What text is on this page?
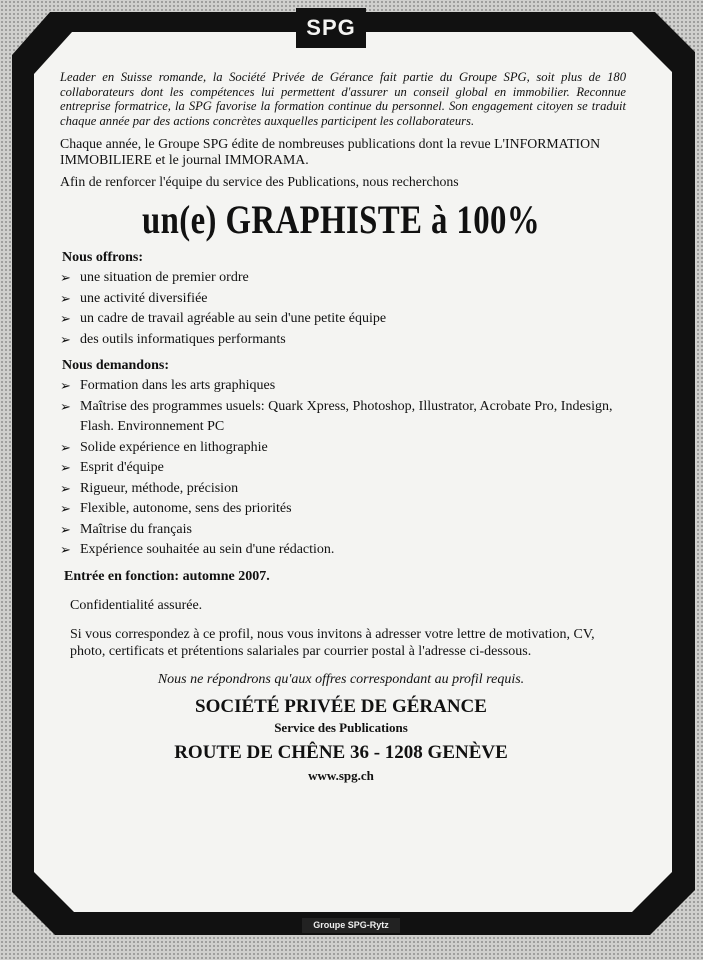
SPG

Leader en Suisse romande, la Société Privée de Gérance fait partie du Groupe SPG, soit plus de 180 collaborateurs dont les compétences lui permettent d'assurer un conseil global en immobilier. Reconnue entreprise formatrice, la SPG favorise la formation continue du personnel. Son engagement citoyen se traduit chaque année par des actions concrètes auxquelles participent les collaborateurs.

Chaque année, le Groupe SPG édite de nombreuses publications dont la revue L'INFORMATION IMMOBILIERE et le journal IMMORAMA.

Afin de renforcer l'équipe du service des Publications, nous recherchons

un(e) GRAPHISTE à 100%
Nous offrons:
➢ une situation de premier ordre
➢ une activité diversifiée
➢ un cadre de travail agréable au sein d'une petite équipe
➢ des outils informatiques performants
Nous demandons:
➢ Formation dans les arts graphiques
➢ Maîtrise des programmes usuels: Quark Xpress, Photoshop, Illustrator, Acrobate Pro, Indesign, Flash. Environnement PC
➢ Solide expérience en lithographie
➢ Esprit d'équipe
➢ Rigueur, méthode, précision
➢ Flexible, autonome, sens des priorités
➢ Maîtrise du français
➢ Expérience souhaitée au sein d'une rédaction.
Entrée en fonction: automne 2007.

Confidentialité assurée.

Si vous correspondez à ce profil, nous vous invitons à adresser votre lettre de motivation, CV, photo, certificats et prétentions salariales par courrier postal à l'adresse ci-dessous.

Nous ne répondrons qu'aux offres correspondant au profil requis.
SOCIÉTÉ PRIVÉE DE GÉRANCE
Service des Publications
ROUTE DE CHÊNE 36 - 1208 GENÈVE
www.spg.ch
Groupe SPG-Rytz
